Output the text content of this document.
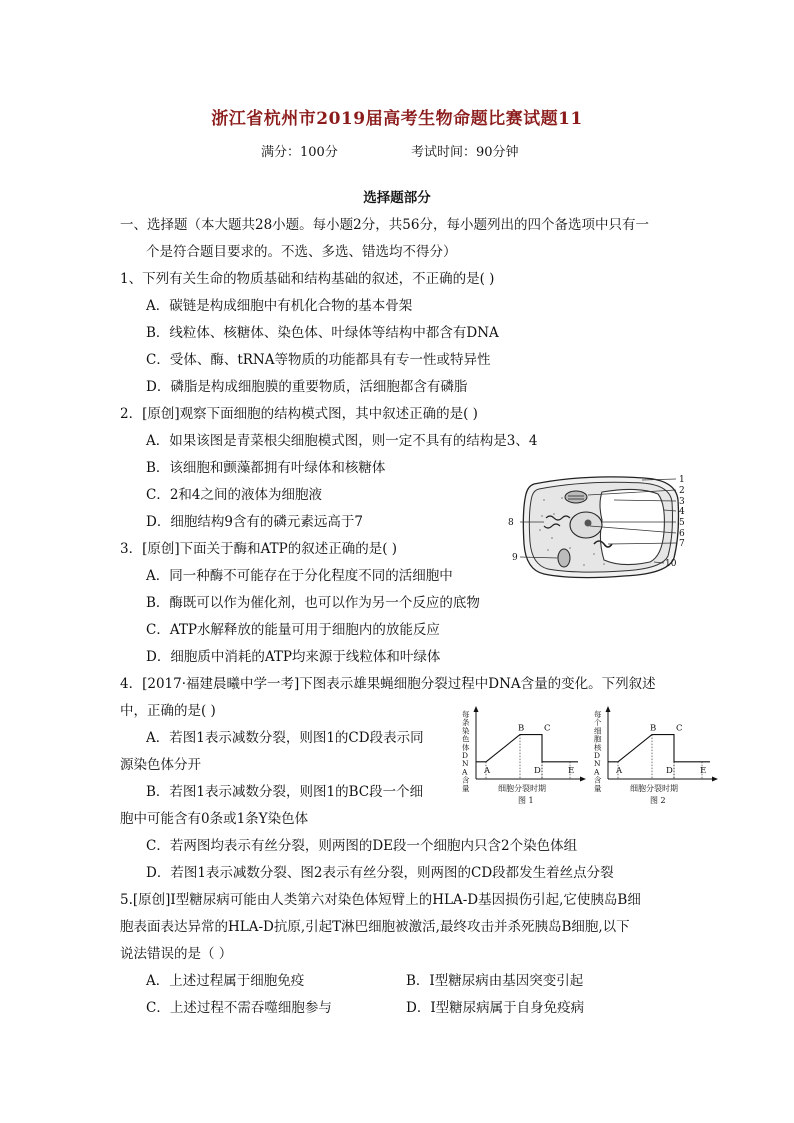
浙江省杭州市2019届高考生物命题比赛试题11
满分：100分	考试时间：90分钟
选择题部分
一、选择题（本大题共28小题。每小题2分，共56分，每小题列出的四个备选项中只有一
个是符合题目要求的。不选、多选、错选均不得分）
1、下列有关生命的物质基础和结构基础的叙述，不正确的是( )
A．碳链是构成细胞中有机化合物的基本骨架
B．线粒体、核糖体、染色体、叶绿体等结构中都含有DNA
C．受体、酶、tRNA等物质的功能都具有专一性或特异性
D．磷脂是构成细胞膜的重要物质，活细胞都含有磷脂
2．[原创]观察下面细胞的结构模式图，其中叙述正确的是( )
A．如果该图是青菜根尖细胞模式图，则一定不具有的结构是3、4
B．该细胞和颤藻都拥有叶绿体和核糖体
C．2和4之间的液体为细胞液
D．细胞结构9含有的磷元素远高于7
1
2
3
4
5
6
7
8
9
10
3．[原创]下面关于酶和ATP的叙述正确的是( )
A．同一种酶不可能存在于分化程度不同的活细胞中
B．酶既可以作为催化剂，也可以作为另一个反应的底物
C．ATP水解释放的能量可用于细胞内的放能反应
D．细胞质中消耗的ATP均来源于线粒体和叶绿体
4．[2017·福建晨曦中学一考]下图表示雄果蝇细胞分裂过程中DNA含量的变化。下列叙述
中，正确的是( )
A．若图1表示减数分裂，则图1的CD段表示同
源染色体分开
B．若图1表示减数分裂，则图1的BC段一个细
胞中可能含有0条或1条Y染色体
C．若两图均表示有丝分裂，则两图的DE段一个细胞内只含2个染色体组
D．若图1表示减数分裂、图2表示有丝分裂，则两图的CD段都发生着丝点分裂
A
B C
D	E
细胞分裂时期
图 1
A
B C
D	E
细胞分裂时期
图 2
每
条
染
色
体
D
N
A
含
量
每
个
细
胞
核
D
N
A
含
量
5.[原创]Ⅰ型糖尿病可能由人类第六对染色体短臂上的HLA-D基因损伤引起,它使胰岛B细
胞表面表达异常的HLA-D抗原,引起T淋巴细胞被激活,最终攻击并杀死胰岛B细胞,以下
说法错误的是（ ）
A．上述过程属于细胞免疫	B．Ⅰ型糖尿病由基因突变引起
C．上述过程不需吞噬细胞参与	D．Ⅰ型糖尿病属于自身免疫病
